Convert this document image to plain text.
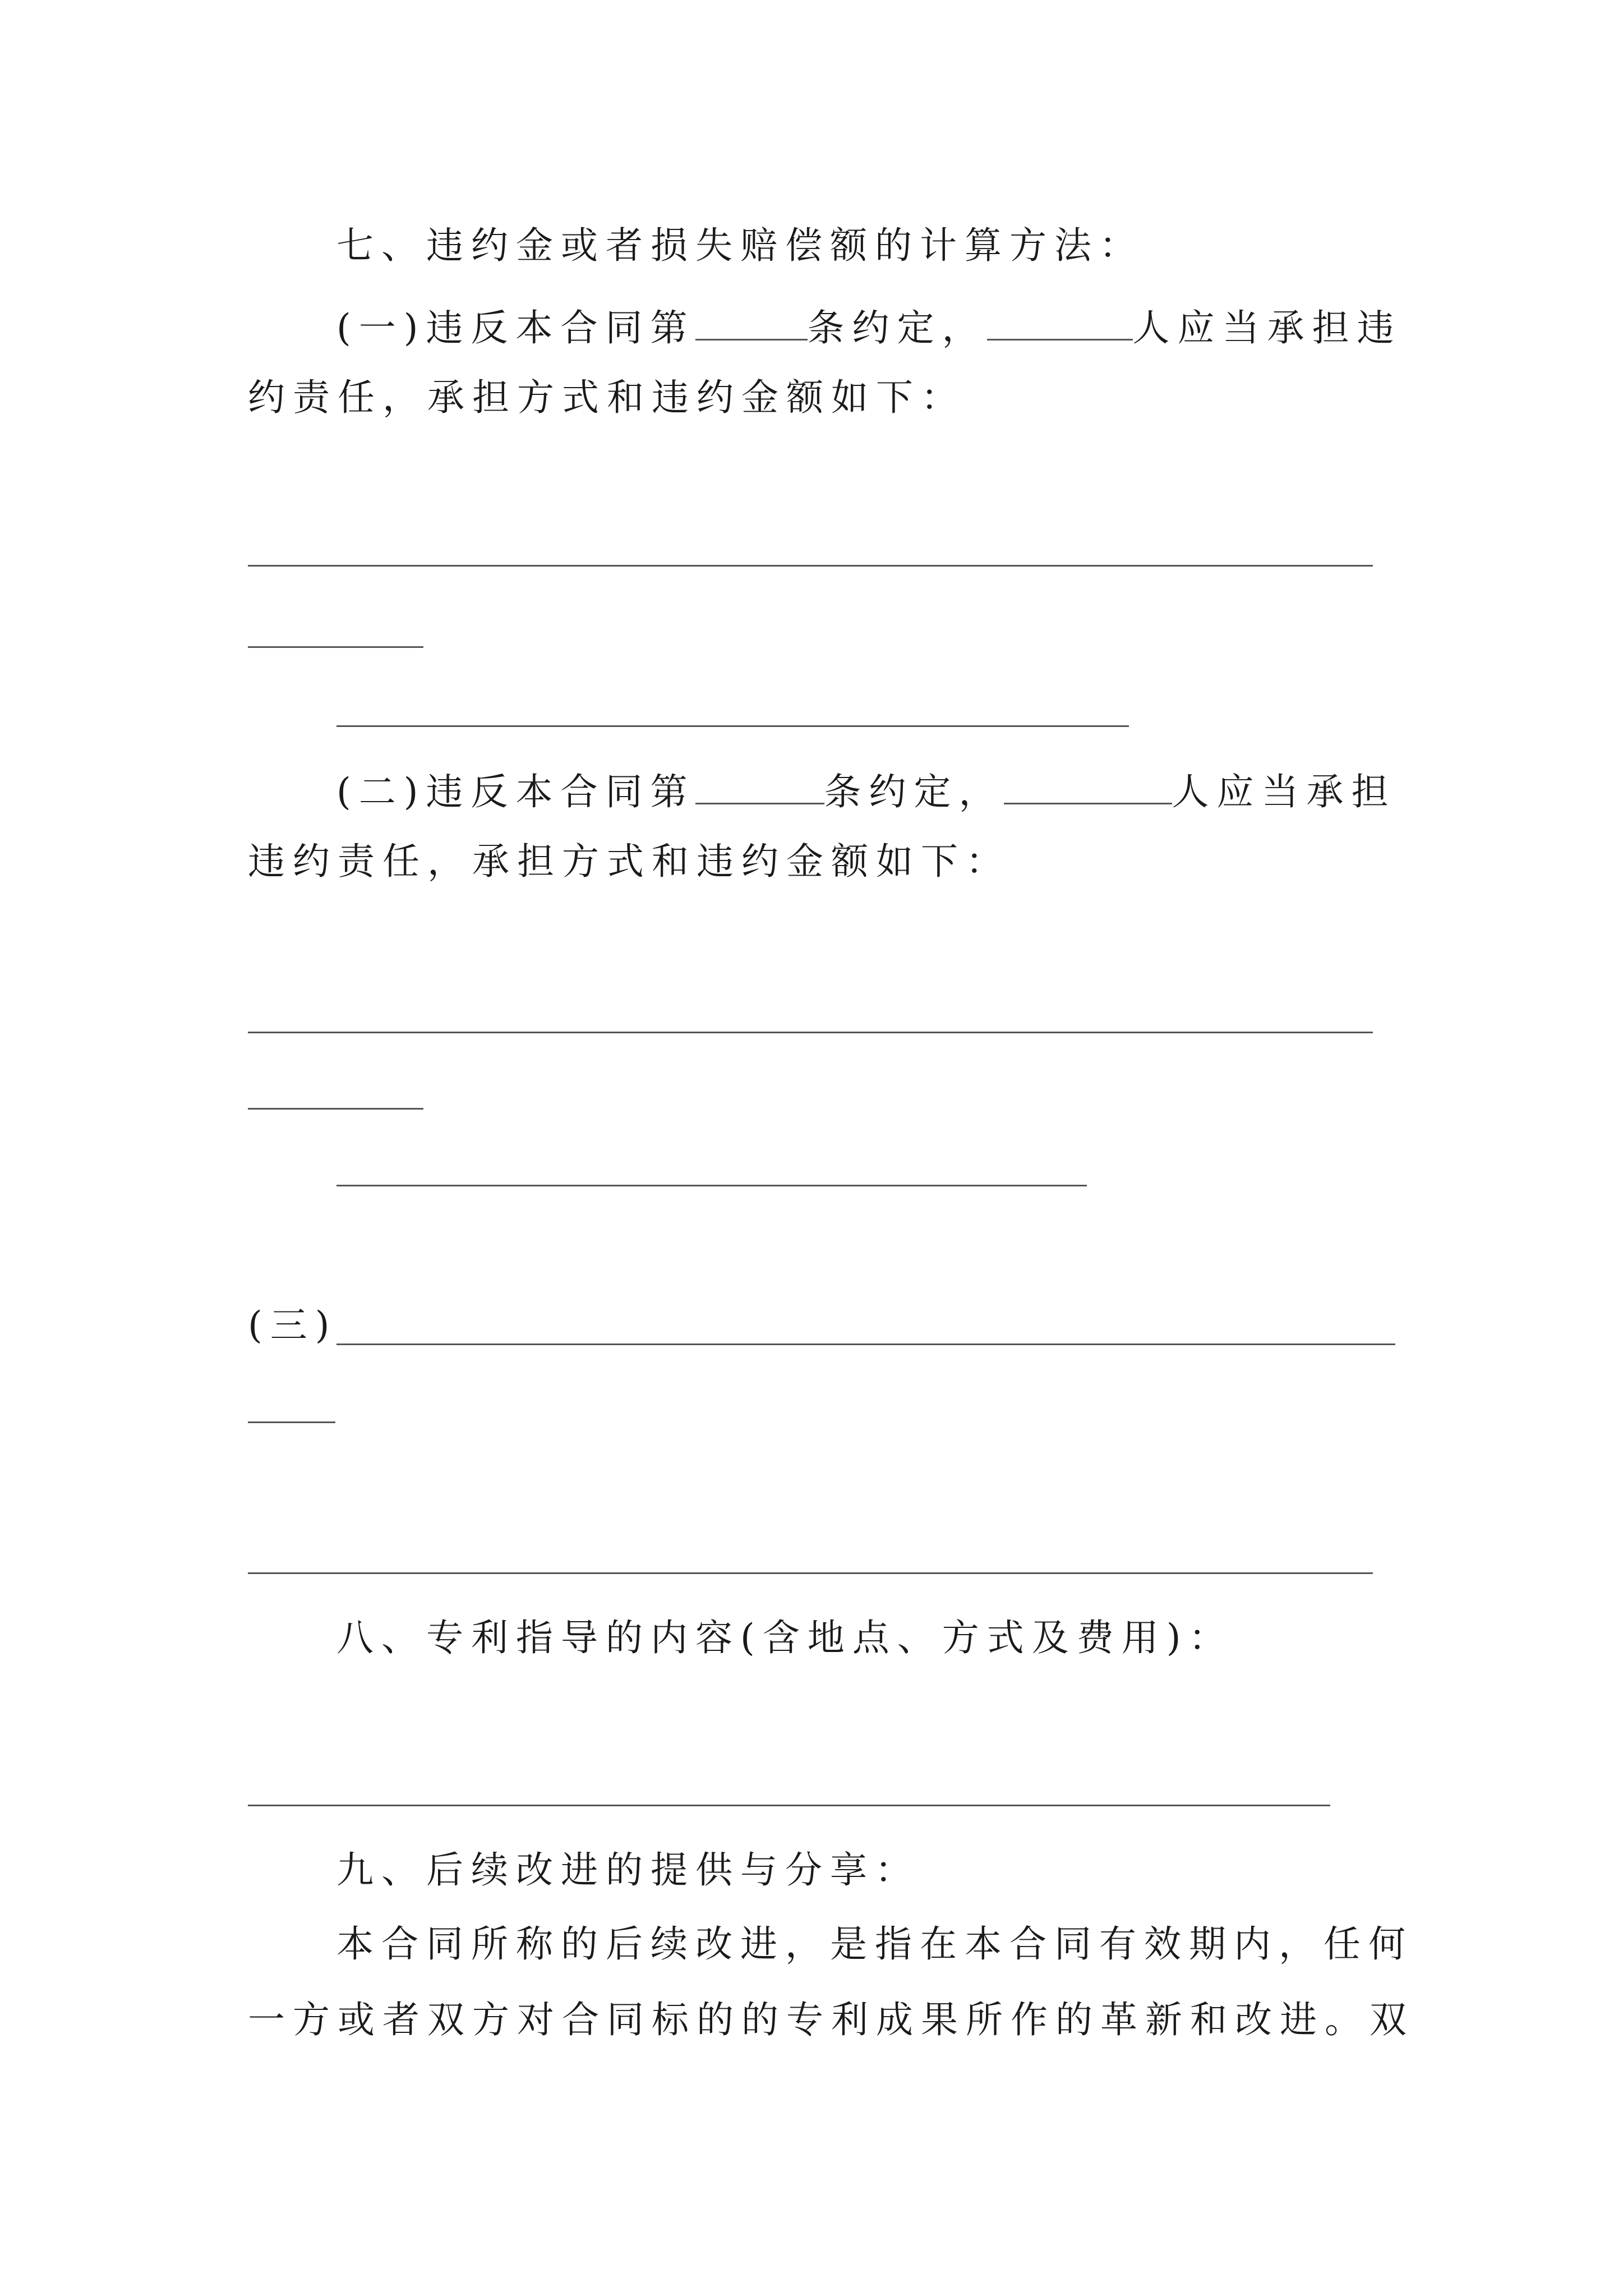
七、违约金或者损失赔偿额的计算方法：

(一)违反本合同第	条约定，	人应当承担违

约责任，承担方式和违约金额如下：

(二)违反本合同第	条约定，	人应当承担

违约责任，承担方式和违约金额如下：

(三)

八、专利指导的内容(含地点、方式及费用)：

九、后续改进的提供与分享：

本合同所称的后续改进，是指在本合同有效期内，任何

一方或者双方对合同标的的专利成果所作的革新和改进。双
